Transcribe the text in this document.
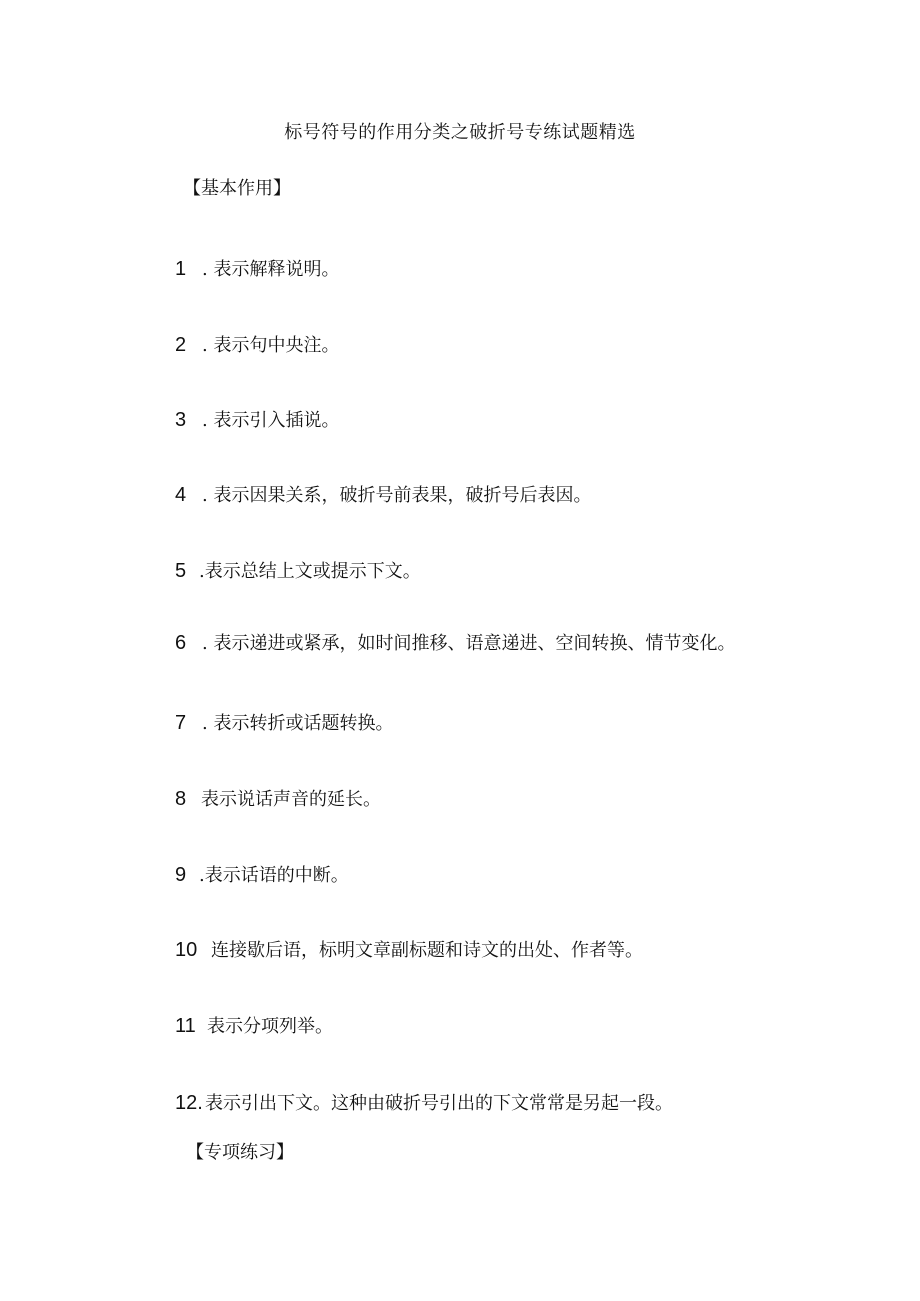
标号符号的作用分类之破折号专练试题精选
【基本作用】
1 . 表示解释说明。
2 . 表示句中央注。
3 . 表示引入插说。
4 . 表示因果关系，破折号前表果，破折号后表因。
5 .表示总结上文或提示下文。
6 . 表示递进或紧承，如时间推移、语意递进、空间转换、情节变化。
7 . 表示转折或话题转换。
8 表示说话声音的延长。
9 .表示话语的中断。
10 连接歇后语，标明文章副标题和诗文的出处、作者等。
11 表示分项列举。
12. 表示引出下文。这种由破折号引出的下文常常是另起一段。
【专项练习】
